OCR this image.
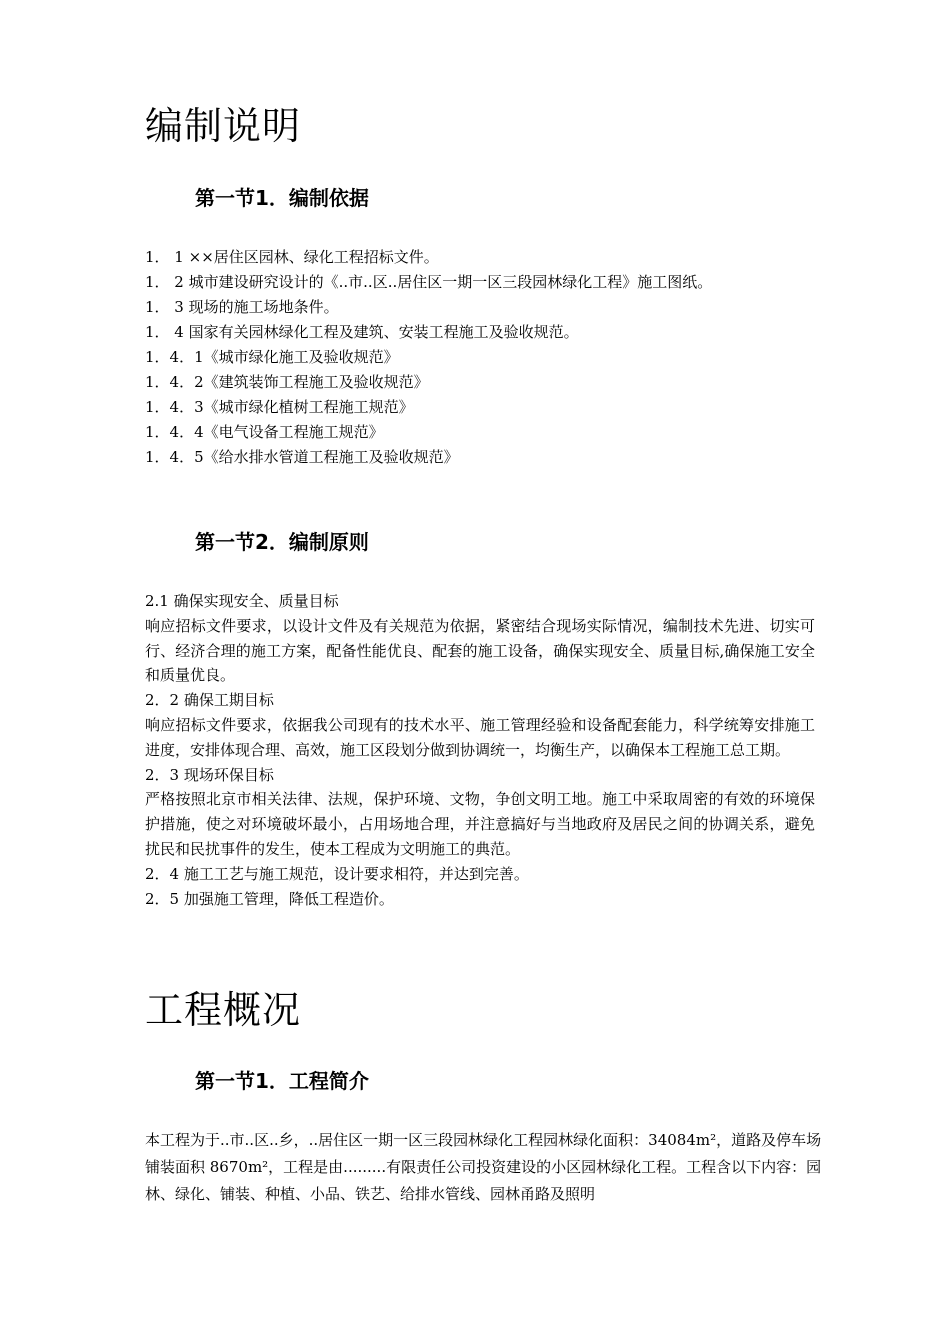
编制说明
第一节1．编制依据
1． 1 ××居住区园林、绿化工程招标文件。
1． 2 城市建设研究设计的《..市..区..居住区一期一区三段园林绿化工程》施工图纸。
1． 3 现场的施工场地条件。
1． 4 国家有关园林绿化工程及建筑、安装工程施工及验收规范。
1．4．1《城市绿化施工及验收规范》
1．4．2《建筑装饰工程施工及验收规范》
1．4．3《城市绿化植树工程施工规范》
1．4．4《电气设备工程施工规范》
1．4．5《给水排水管道工程施工及验收规范》
第一节2．编制原则

2.1 确保实现安全、质量目标

响应招标文件要求，以设计文件及有关规范为依据，紧密结合现场实际情况，编制技术先进、切实可行、经济合理的施工方案，配备性能优良、配套的施工设备，确保实现安全、质量目标,确保施工安全和质量优良。

2．2 确保工期目标

响应招标文件要求，依据我公司现有的技术水平、施工管理经验和设备配套能力，科学统筹安排施工进度，安排体现合理、高效，施工区段划分做到协调统一，均衡生产，以确保本工程施工总工期。

2．3 现场环保目标

严格按照北京市相关法律、法规，保护环境、文物，争创文明工地。施工中采取周密的有效的环境保护措施，使之对环境破坏最小，占用场地合理，并注意搞好与当地政府及居民之间的协调关系，避免扰民和民扰事件的发生，使本工程成为文明施工的典范。

2．4 施工工艺与施工规范，设计要求相符，并达到完善。

2．5 加强施工管理，降低工程造价。

工程概况
第一节1．工程简介
本工程为于..市..区..乡，..居住区一期一区三段园林绿化工程园林绿化面积：34084m²，道路及停车场铺装面积 8670m²，工程是由.........有限责任公司投资建设的小区园林绿化工程。工程含以下内容：园林、绿化、铺装、种植、小品、铁艺、给排水管线、园林甬路及照明
